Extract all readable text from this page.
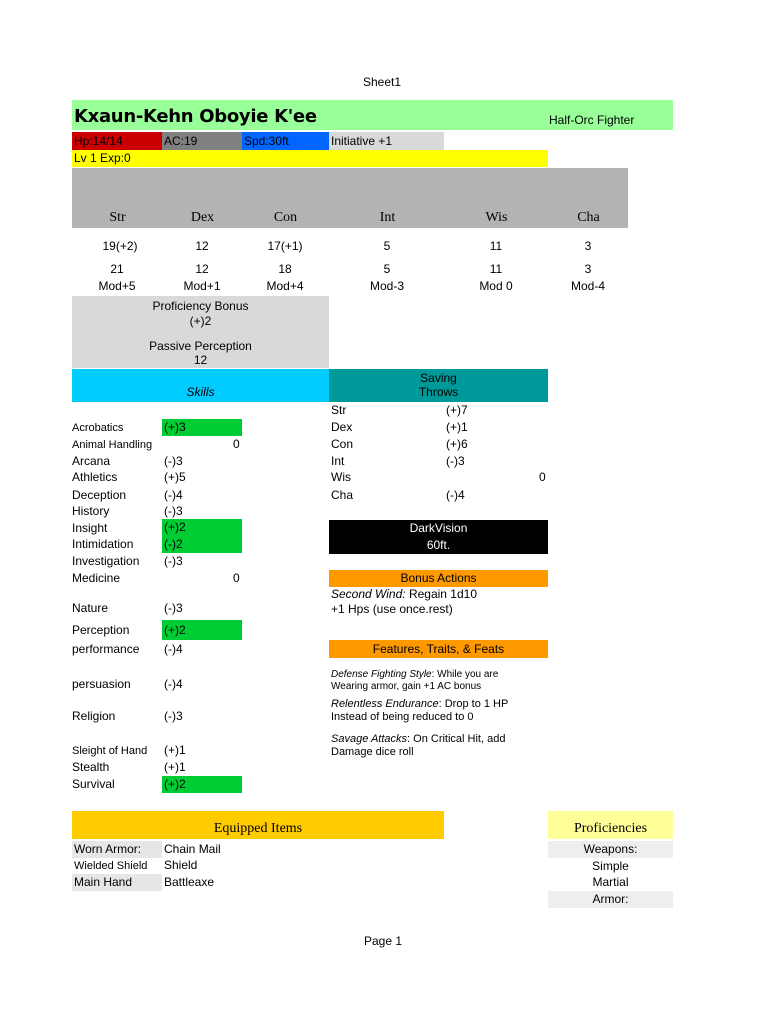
Sheet1
Kxaun-Kehn Oboyie K'ee	Half-Orc Fighter
Hp:14/14	AC:19	Spd:30ft	Initiative +1
Lv 1 Exp:0
Str	Dex	Con	Int	Wis	Cha
19(+2)	12	17(+1)	5	11	3
21	12	18	5	11	3
Mod+5	Mod+1	Mod+4	Mod-3	Mod 0	Mod-4
Proficiency Bonus
(+)2
Passive Perception
12
Skills
Saving
Throws
Acrobatics	(+)3
Animal Handling	0
Arcana	(-)3
Athletics	(+)5
Deception	(-)4
History	(-)3
Insight	(+)2
Intimidation	(-)2
Investigation (-)3
Medicine	0
Nature	(-)3
Perception	(+)2
performance (-)4
persuasion	(-)4
Religion	(-)3
Sleight of Hand (+)1
Stealth	(+)1
Survival	(+)2
Str	(+)7
Dex	(+)1
Con	(+)6
Int	(-)3
Wis	0
Cha	(-)4
DarkVision
60ft.
Bonus Actions
Second Wind: Regain 1d10
+1 Hps (use once.rest)
Features, Traits, & Feats
Defense Fighting Style: While you are
Wearing armor, gain +1 AC bonus
Relentless Endurance: Drop to 1 HP
Instead of being reduced to 0
Savage Attacks: On Critical Hit, add
Damage dice roll
Equipped Items
Worn Armor:	Chain Mail
Wielded Shield	Shield
Main Hand	Battleaxe
Proficiencies
Weapons:
Simple
Martial
Armor:
Page 1
